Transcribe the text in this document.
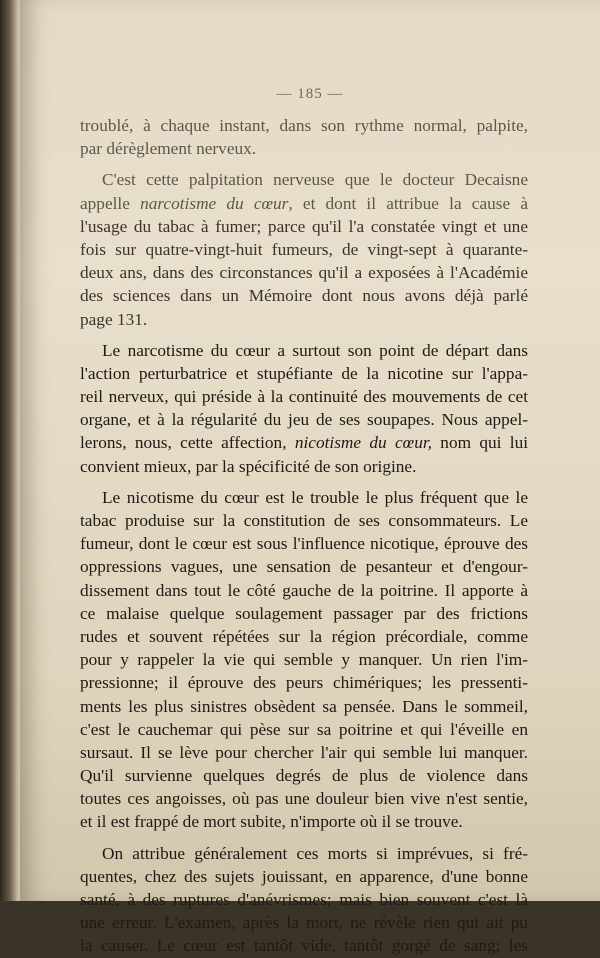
— 185 —
troublé, à chaque instant, dans son rythme normal, palpite,
par dérèglement nerveux.
C'est cette palpitation nerveuse que le docteur Decaisne
appelle narcotisme du cœur, et dont il attribue la cause à
l'usage du tabac à fumer; parce qu'il l'a constatée vingt et une
fois sur quatre-vingt-huit fumeurs, de vingt-sept à quarante-
deux ans, dans des circonstances qu'il a exposées à l'Académie
des sciences dans un Mémoire dont nous avons déjà parlé
page 131.
Le narcotisme du cœur a surtout son point de départ dans
l'action perturbatrice et stupéfiante de la nicotine sur l'appa-
reil nerveux, qui préside à la continuité des mouvements de cet
organe, et à la régularité du jeu de ses soupapes. Nous appel-
lerons, nous, cette affection, nicotisme du cœur, nom qui lui
convient mieux, par la spécificité de son origine.
Le nicotisme du cœur est le trouble le plus fréquent que le
tabac produise sur la constitution de ses consommateurs. Le
fumeur, dont le cœur est sous l'influence nicotique, éprouve des
oppressions vagues, une sensation de pesanteur et d'engour-
dissement dans tout le côté gauche de la poitrine. Il apporte à
ce malaise quelque soulagement passager par des frictions
rudes et souvent répétées sur la région précordiale, comme
pour y rappeler la vie qui semble y manquer. Un rien l'im-
pressionne; il éprouve des peurs chimériques; les pressenti-
ments les plus sinistres obsèdent sa pensée. Dans le sommeil,
c'est le cauchemar qui pèse sur sa poitrine et qui l'éveille en
sursaut. Il se lève pour chercher l'air qui semble lui manquer.
Qu'il survienne quelques degrés de plus de violence dans
toutes ces angoisses, où pas une douleur bien vive n'est sentie,
et il est frappé de mort subite, n'importe où il se trouve.
On attribue généralement ces morts si imprévues, si fré-
quentes, chez des sujets jouissant, en apparence, d'une bonne
santé, à des ruptures d'anévrismes; mais bien souvent c'est là
une erreur. L'examen, après la mort, ne révèle rien qui ait pu
la causer. Le cœur est tantôt vide, tantôt gorgé de sang; les
